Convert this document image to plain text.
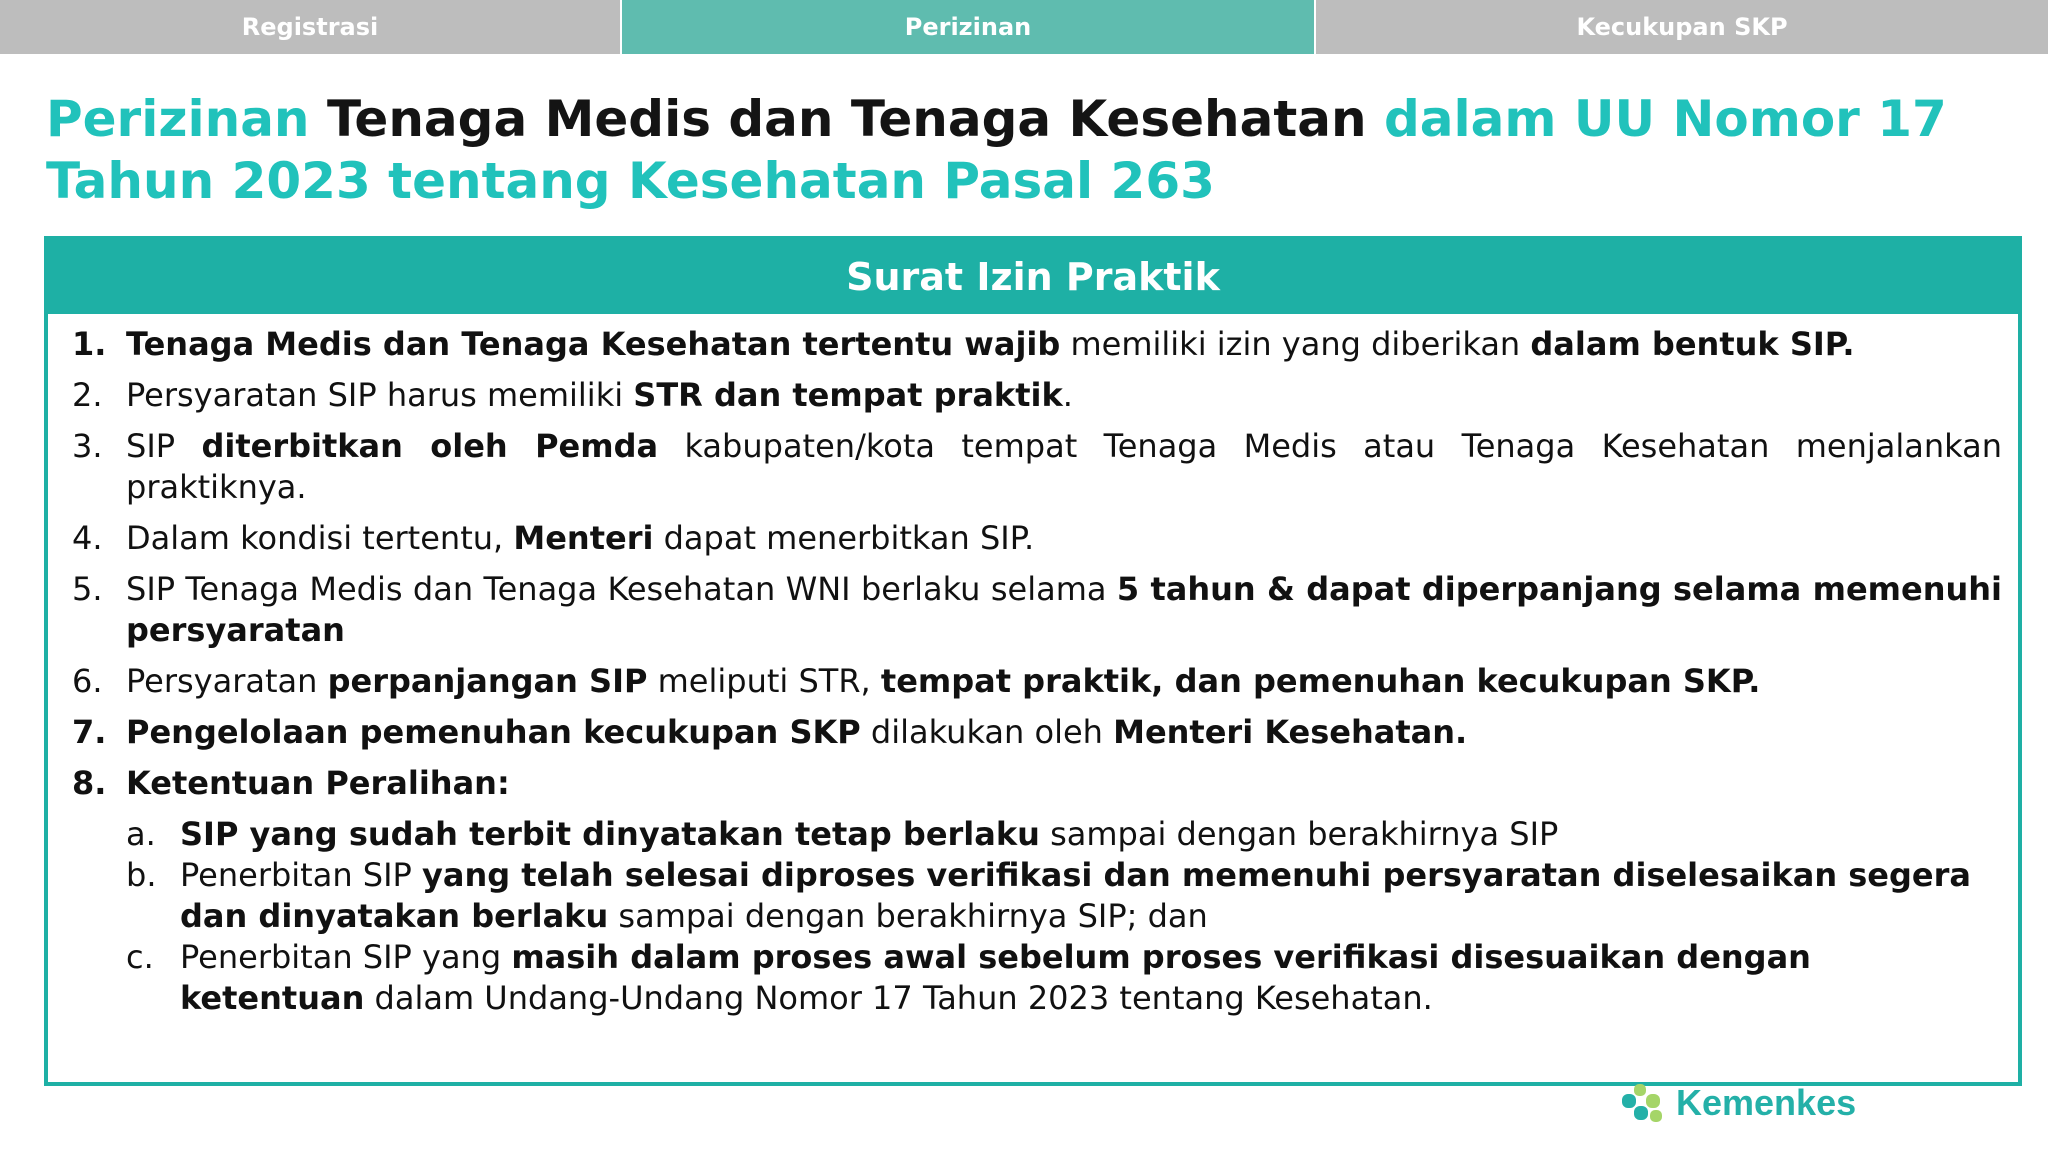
Registrasi	Perizinan	Kecukupan SKP
Perizinan Tenaga Medis dan Tenaga Kesehatan dalam UU Nomor 17 Tahun 2023 tentang Kesehatan Pasal 263
Surat Izin Praktik
1. Tenaga Medis dan Tenaga Kesehatan tertentu wajib memiliki izin yang diberikan dalam bentuk SIP.
2. Persyaratan SIP harus memiliki STR dan tempat praktik.
3. SIP diterbitkan oleh Pemda kabupaten/kota tempat Tenaga Medis atau Tenaga Kesehatan menjalankan praktiknya.
4. Dalam kondisi tertentu, Menteri dapat menerbitkan SIP.
5. SIP Tenaga Medis dan Tenaga Kesehatan WNI berlaku selama 5 tahun & dapat diperpanjang selama memenuhi persyaratan
6. Persyaratan perpanjangan SIP meliputi STR, tempat praktik, dan pemenuhan kecukupan SKP.
7. Pengelolaan pemenuhan kecukupan SKP dilakukan oleh Menteri Kesehatan.
8. Ketentuan Peralihan:
a. SIP yang sudah terbit dinyatakan tetap berlaku sampai dengan berakhirnya SIP
b. Penerbitan SIP yang telah selesai diproses verifikasi dan memenuhi persyaratan diselesaikan segera dan dinyatakan berlaku sampai dengan berakhirnya SIP; dan
c. Penerbitan SIP yang masih dalam proses awal sebelum proses verifikasi disesuaikan dengan ketentuan dalam Undang-Undang Nomor 17 Tahun 2023 tentang Kesehatan.
Kemenkes
